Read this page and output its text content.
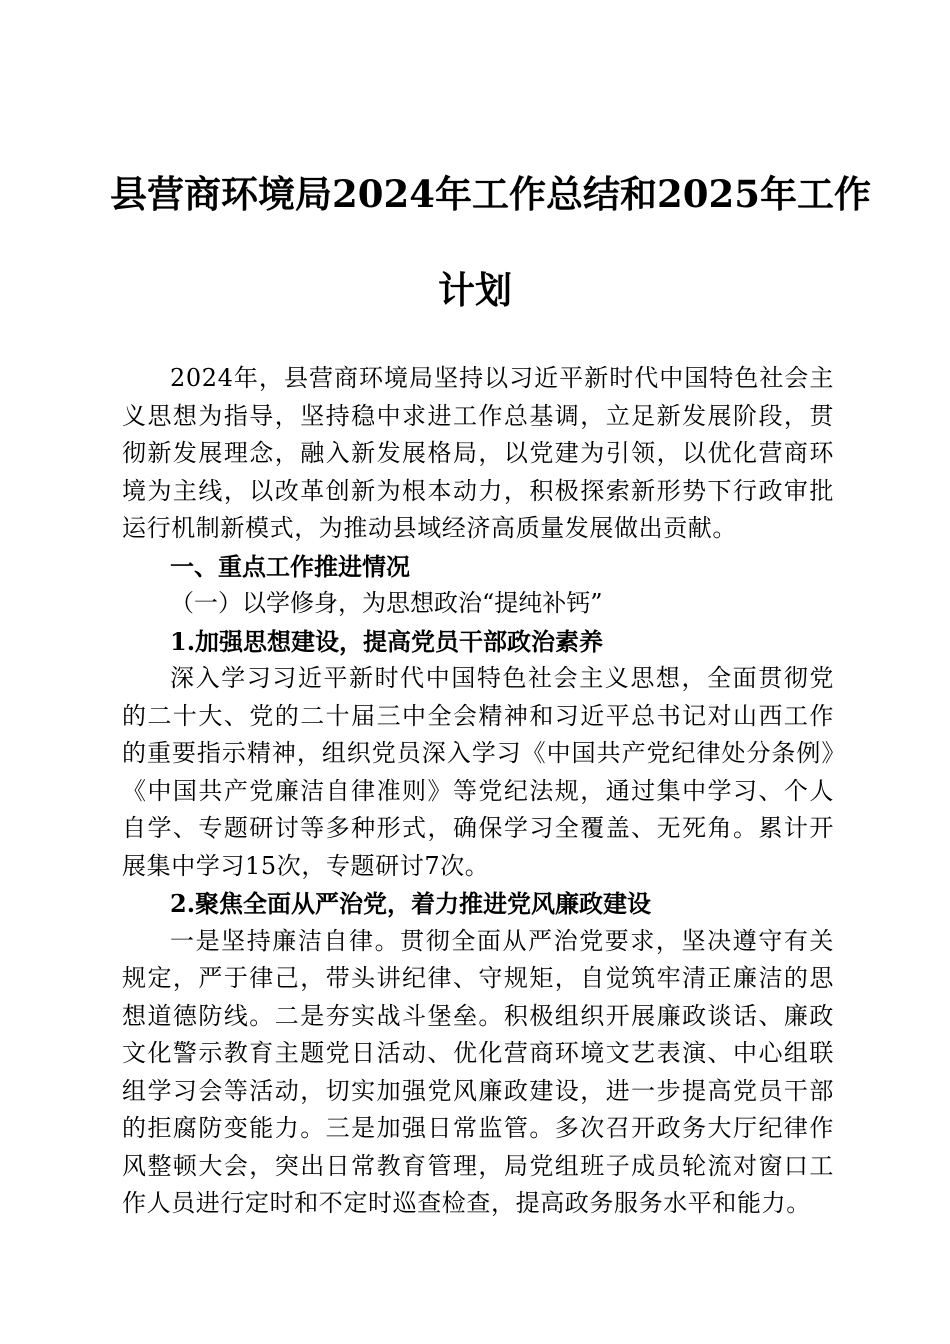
县营商环境局2024年工作总结和2025年工作
计划

2024年，县营商环境局坚持以习近平新时代中国特色社会主义思想为指导，坚持稳中求进工作总基调，立足新发展阶段，贯彻新发展理念，融入新发展格局，以党建为引领，以优化营商环境为主线，以改革创新为根本动力，积极探索新形势下行政审批运行机制新模式，为推动县域经济高质量发展做出贡献。

一、重点工作推进情况

（一）以学修身，为思想政治“提纯补钙”

1.加强思想建设，提高党员干部政治素养

深入学习习近平新时代中国特色社会主义思想，全面贯彻党的二十大、党的二十届三中全会精神和习近平总书记对山西工作的重要指示精神，组织党员深入学习《中国共产党纪律处分条例》《中国共产党廉洁自律准则》等党纪法规，通过集中学习、个人自学、专题研讨等多种形式，确保学习全覆盖、无死角。累计开展集中学习15次，专题研讨7次。

2.聚焦全面从严治党，着力推进党风廉政建设

一是坚持廉洁自律。贯彻全面从严治党要求，坚决遵守有关规定，严于律己，带头讲纪律、守规矩，自觉筑牢清正廉洁的思想道德防线。二是夯实战斗堡垒。积极组织开展廉政谈话、廉政文化警示教育主题党日活动、优化营商环境文艺表演、中心组联组学习会等活动，切实加强党风廉政建设，进一步提高党员干部的拒腐防变能力。三是加强日常监管。多次召开政务大厅纪律作风整顿大会，突出日常教育管理，局党组班子成员轮流对窗口工作人员进行定时和不定时巡查检查，提高政务服务水平和能力。
